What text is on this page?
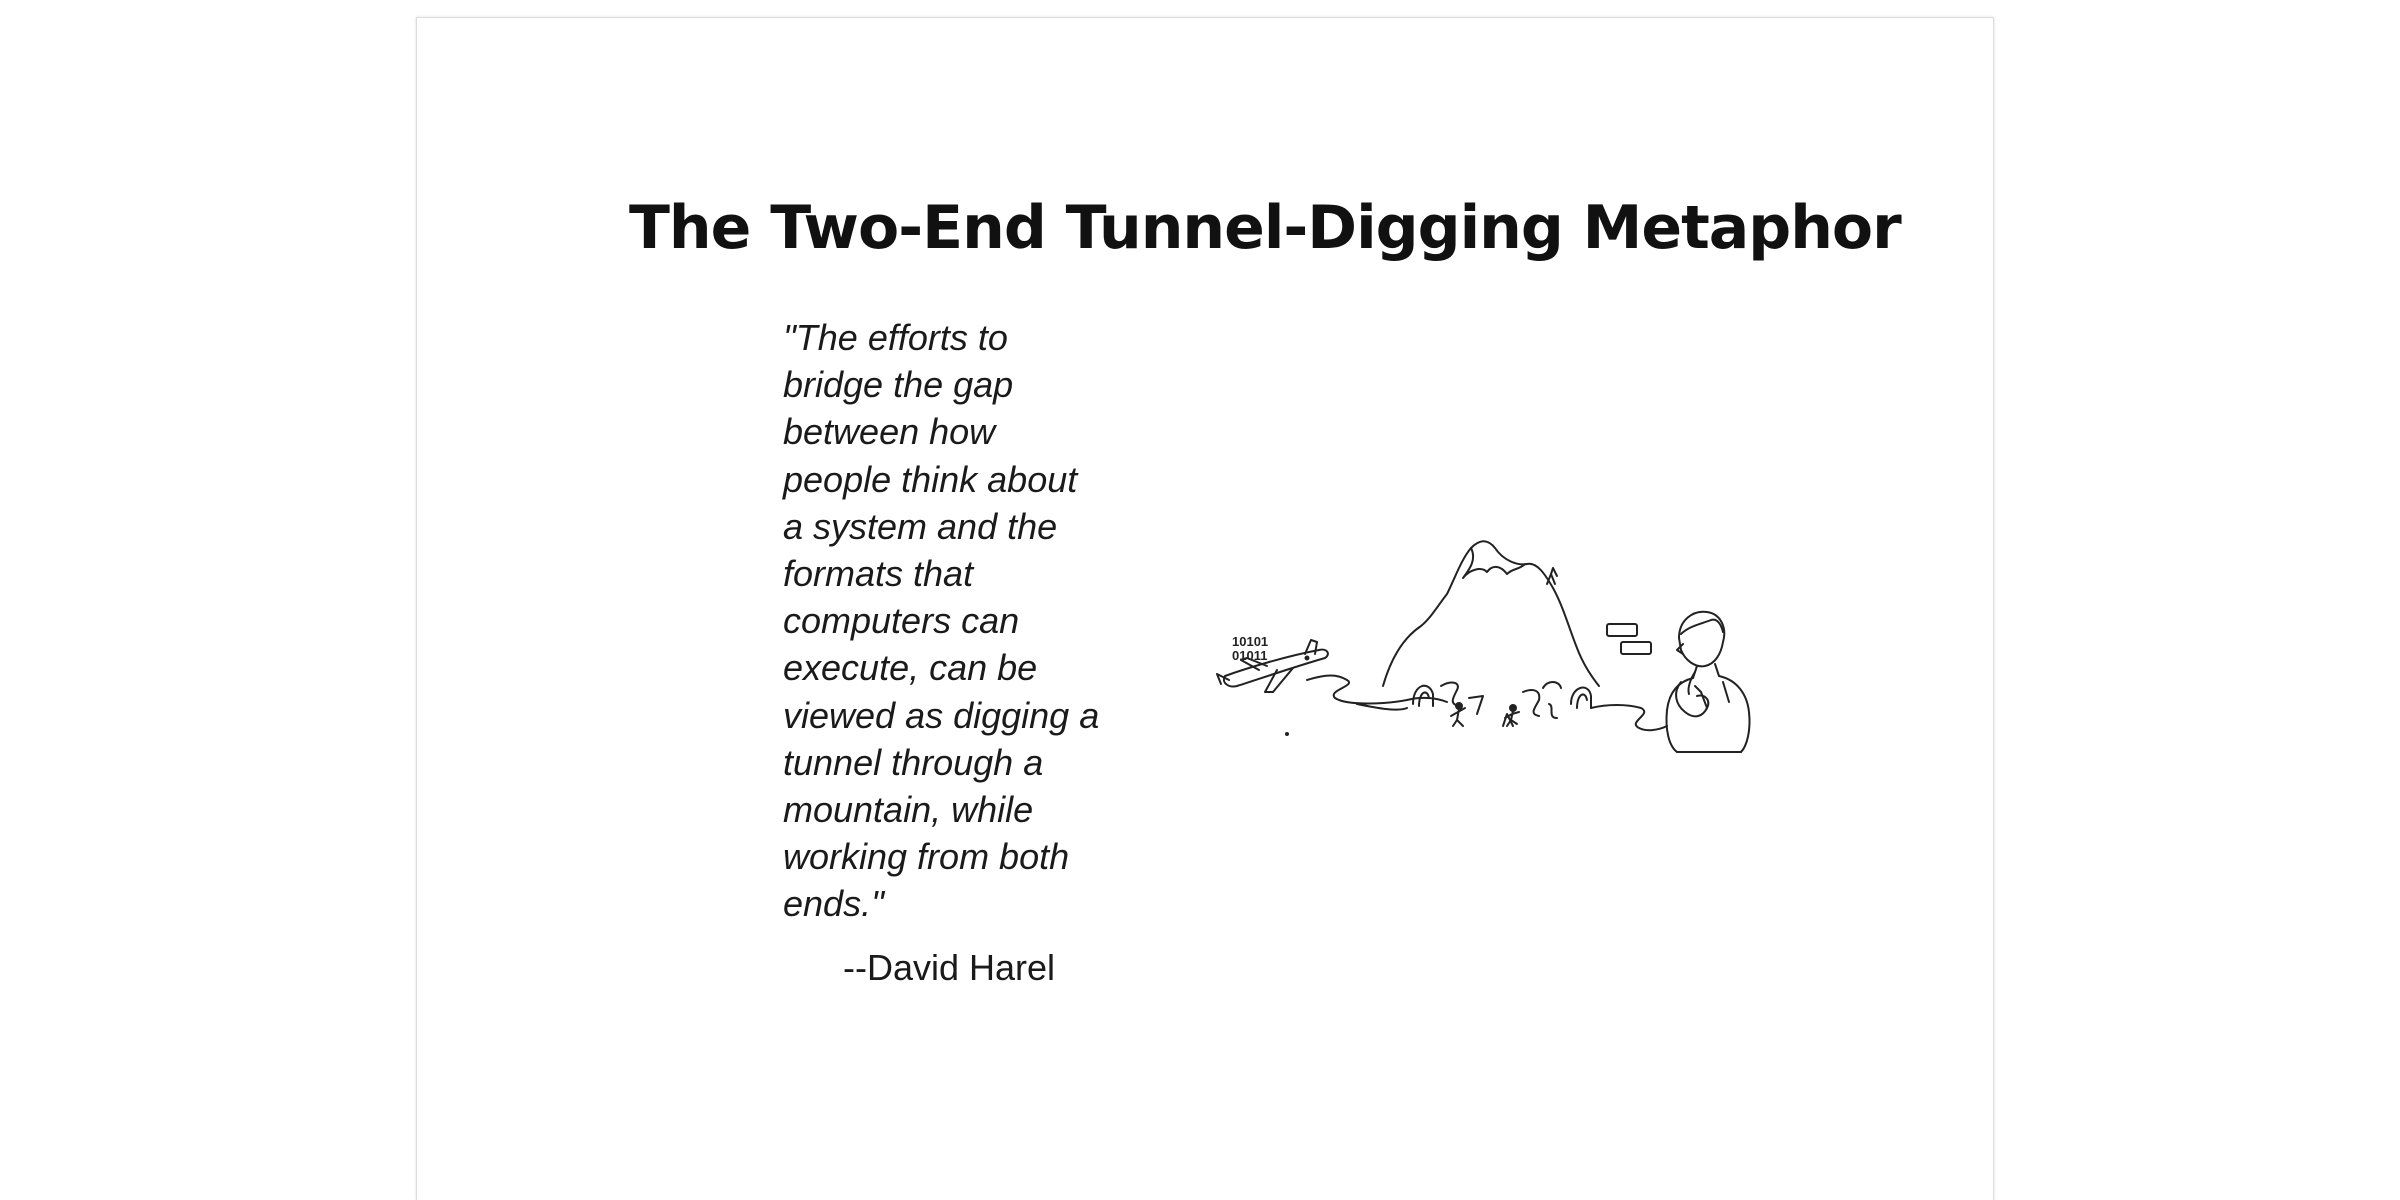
The Two-End Tunnel-Digging Metaphor

"The efforts to bridge the gap between how people think about a system and the formats that computers can execute, can be viewed as digging a tunnel through a mountain, while working from both ends."

--David Harel

10101
01011
